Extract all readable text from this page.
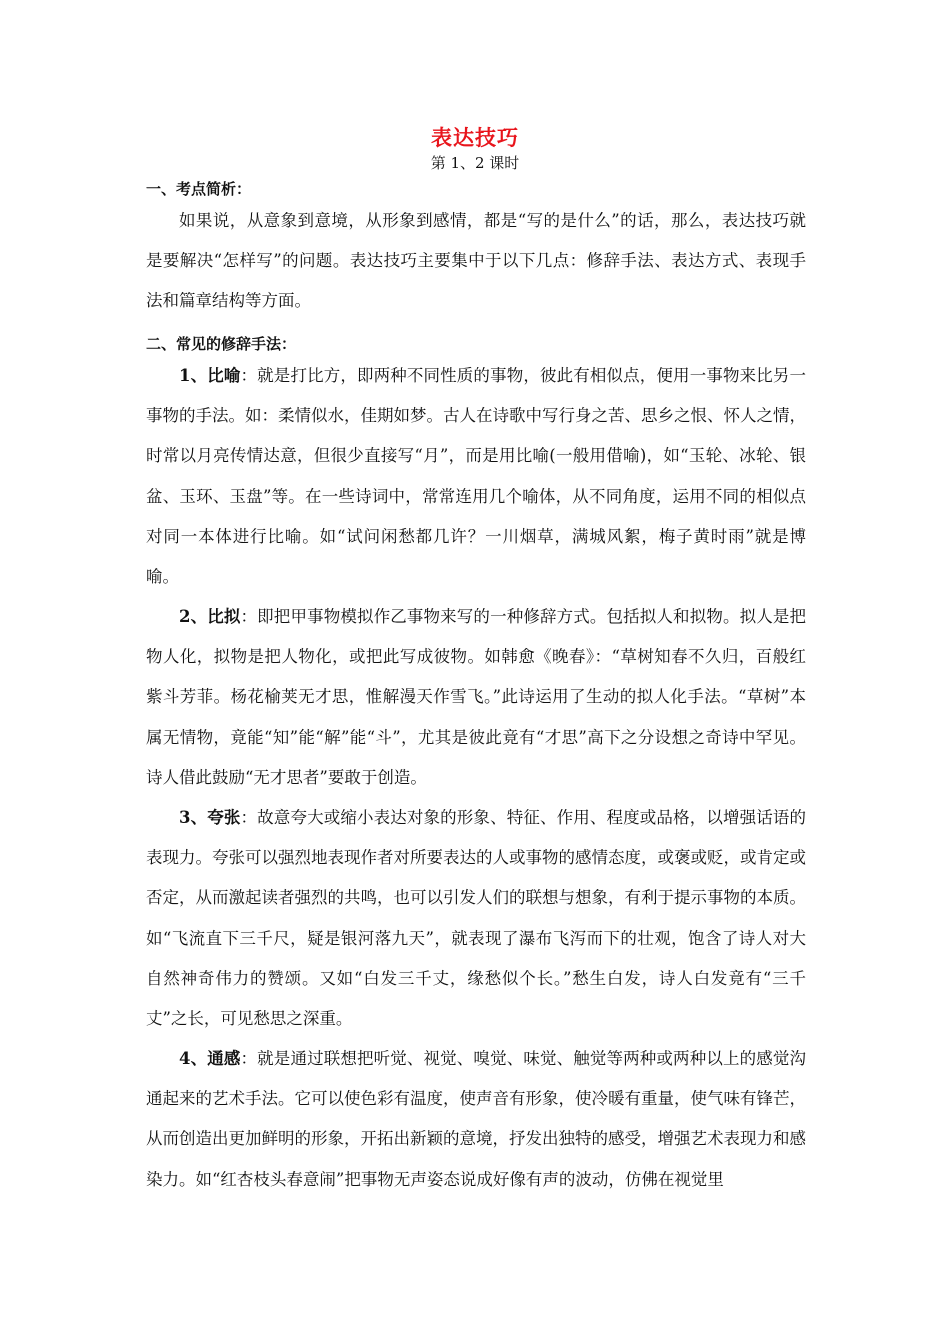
表达技巧
第 1、2 课时
一、考点简析：

如果说，从意象到意境，从形象到感情，都是“写的是什么”的话，那么，表达技巧就是要解决“怎样写”的问题。表达技巧主要集中于以下几点：修辞手法、表达方式、表现手法和篇章结构等方面。

二、常见的修辞手法：

1、比喻：就是打比方，即两种不同性质的事物，彼此有相似点，便用一事物来比另一事物的手法。如：柔情似水，佳期如梦。古人在诗歌中写行身之苦、思乡之恨、怀人之情，时常以月亮传情达意，但很少直接写“月”，而是用比喻(一般用借喻)，如“玉轮、冰轮、银盆、玉环、玉盘”等。在一些诗词中，常常连用几个喻体，从不同角度，运用不同的相似点对同一本体进行比喻。如“试问闲愁都几许？一川烟草，满城风絮，梅子黄时雨”就是博喻。

2、比拟：即把甲事物模拟作乙事物来写的一种修辞方式。包括拟人和拟物。拟人是把物人化，拟物是把人物化，或把此写成彼物。如韩愈《晚春》：“草树知春不久归，百般红紫斗芳菲。杨花榆荚无才思，惟解漫天作雪飞。”此诗运用了生动的拟人化手法。“草树”本属无情物，竟能“知”能“解”能“斗”，尤其是彼此竟有“才思”高下之分设想之奇诗中罕见。诗人借此鼓励“无才思者”要敢于创造。

3、夸张：故意夸大或缩小表达对象的形象、特征、作用、程度或品格，以增强话语的表现力。夸张可以强烈地表现作者对所要表达的人或事物的感情态度，或褒或贬，或肯定或否定，从而激起读者强烈的共鸣，也可以引发人们的联想与想象，有利于提示事物的本质。如“飞流直下三千尺，疑是银河落九天”，就表现了瀑布飞泻而下的壮观，饱含了诗人对大自然神奇伟力的赞颂。又如“白发三千丈，缘愁似个长。”愁生白发，诗人白发竟有“三千丈”之长，可见愁思之深重。

4、通感：就是通过联想把听觉、视觉、嗅觉、味觉、触觉等两种或两种以上的感觉沟通起来的艺术手法。它可以使色彩有温度，使声音有形象，使冷暖有重量，使气味有锋芒，从而创造出更加鲜明的形象，开拓出新颖的意境，抒发出独特的感受，增强艺术表现力和感染力。如“红杏枝头春意闹”把事物无声姿态说成好像有声的波动，仿佛在视觉里
